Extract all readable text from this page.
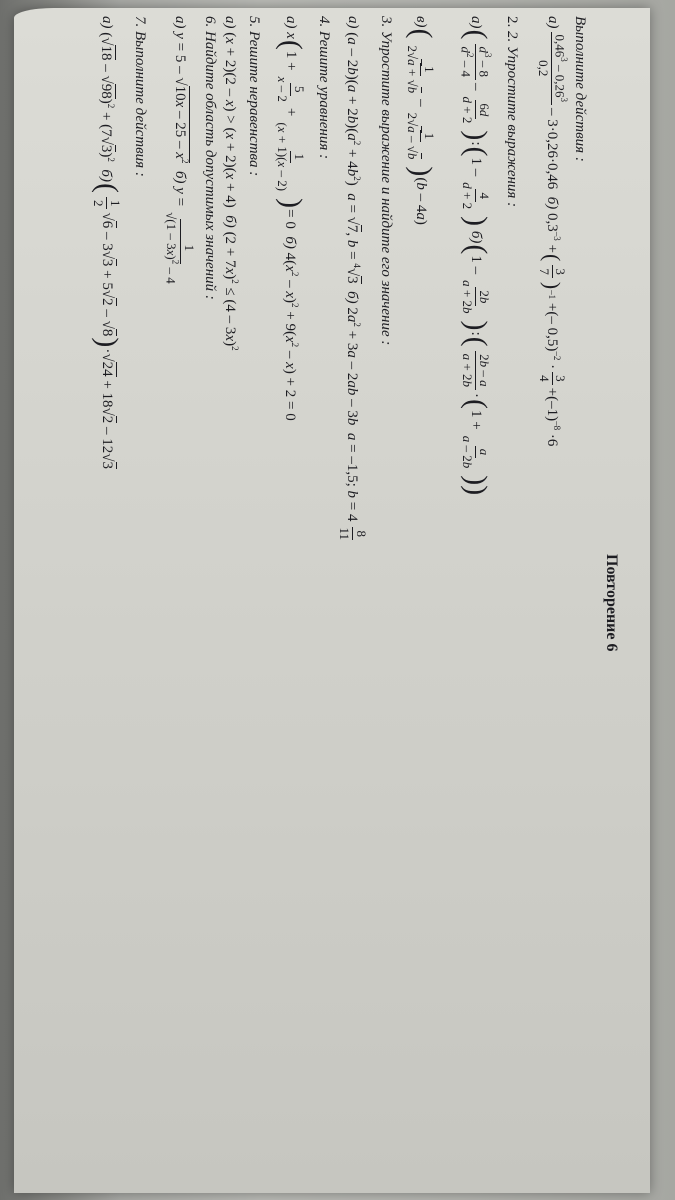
Повторение 6
Выполните действия :
а)
0,46$^3$ – 0,26$^3$
0,2
– 3·0,26·0,46  б) $0,3^{-3}$ +
(
3
7
)
–1
+(– 0,5)$^{-2}$ ·
3
4
$+(-1)^{-8} \cdot 6$
2.
2. Упростите выражения :
а)
(
$d^3 - 8$
$d^2 - 4$
–
6d
d + 2
)
:
(
1 –
4
d + 2
)
б)
(
1 –
2b
a + 2b
)
:
(
2b – a
a + 2b
·
(
1 +
a
a – 2b
))
в)
(
1
2√a + √b
–
1
2√a – √b
)
(b – 4a)
3. Упростите выражение и найдите его значение :
а)
$(a - 2b)(a + 2b)(a^2 + 4b^2)$  a = √7, b = $^4$√3  б) $2a^2 + 3a - 2ab - 3b$  a = –1,5; b = 4
8
11
4. Решите уравнения :
а)
x
(
1 +
5
x – 2
+
1
(x + 1)(x – 2)
)
= 0  б) $4(x^2 - x)^2 + 9(x^2 - x) + 2 = 0$
5. Решите неравенства :
а) (x + 2)(2 – x) > (x + 2)(x + 4)  б) $(2 + 7x)^2 \le (4 - 3x)^2$
6. Найдите область допустимых значений :
а) $y = 5 - √10x - 25 - x^2$  б) y =
1
√(1 – 3x)$^2$ – 4
7. Выполните действия :
а)
$(√18 - √98)^2 + (7√3)^2$  б)
(
1
2
√6 – 3√3 + 5√2 – √8
)
·√24 + 18√2 – 12√3
